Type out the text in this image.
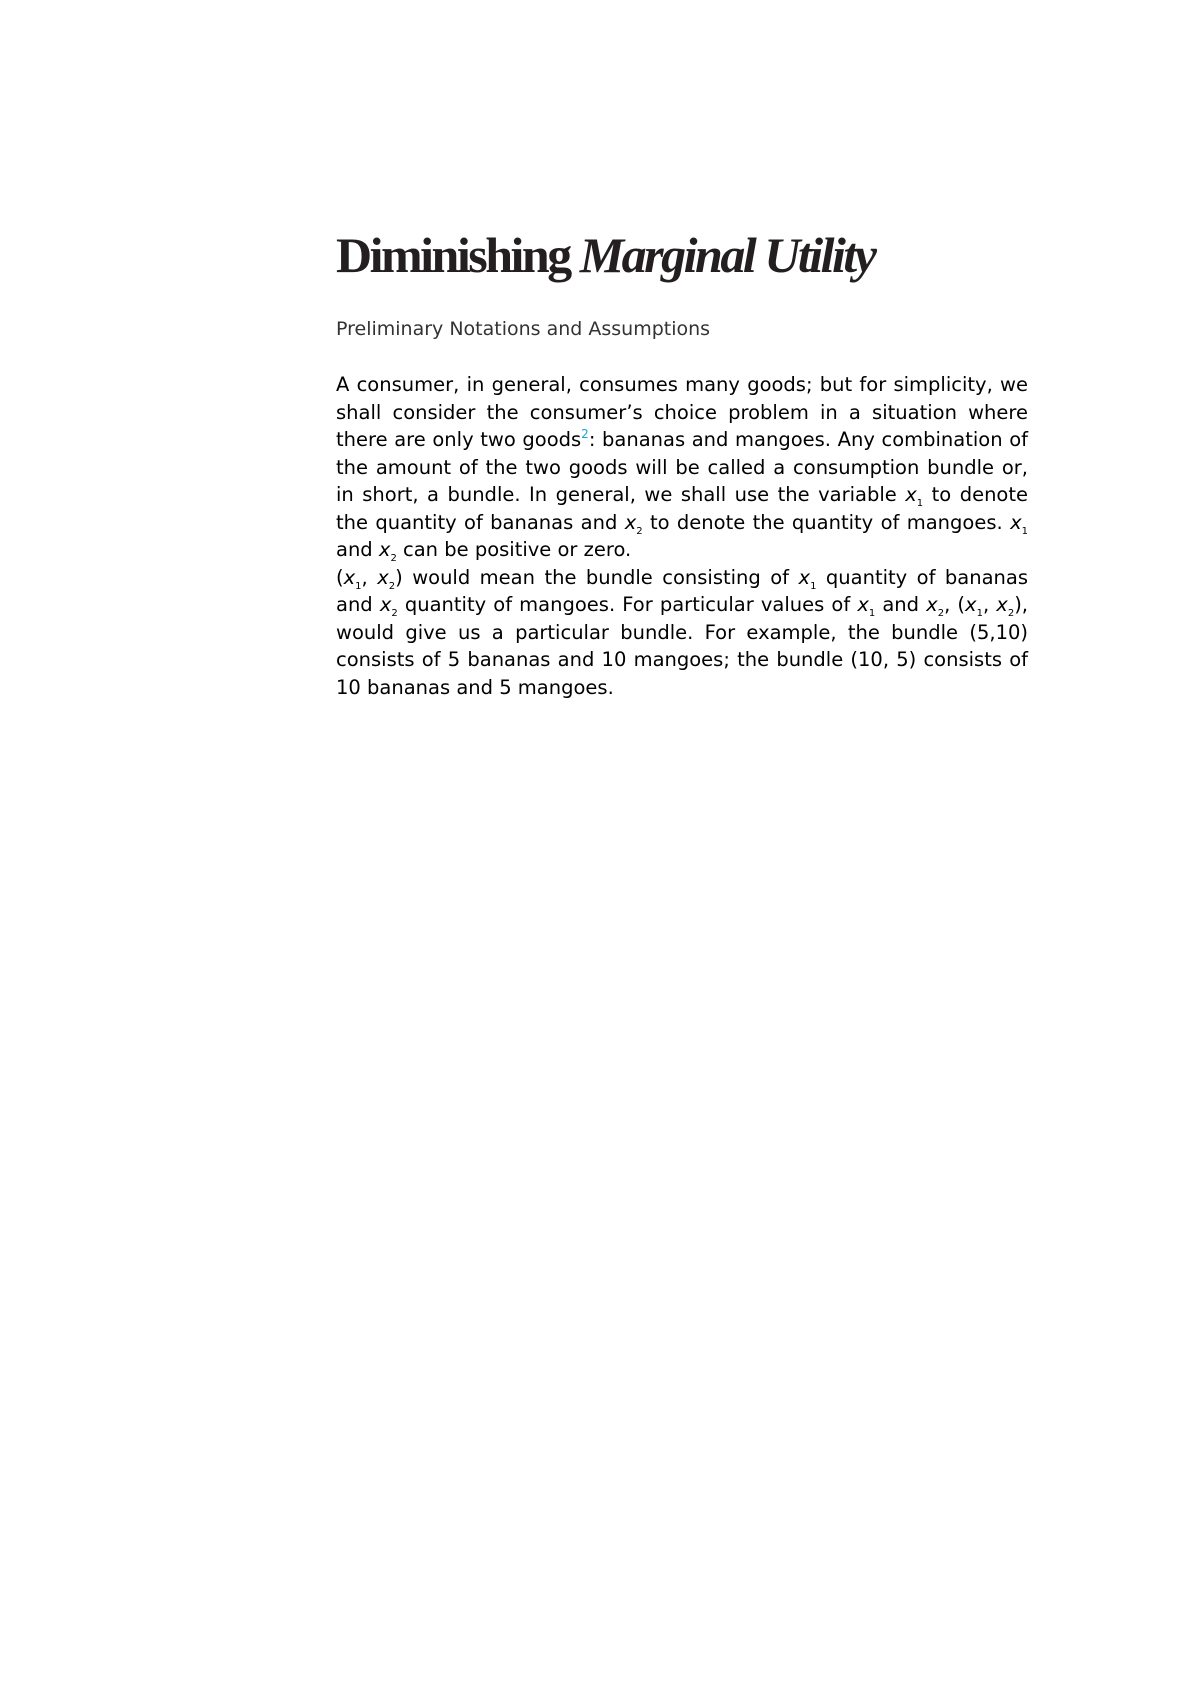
Diminishing Marginal Utility
Preliminary Notations and Assumptions

A consumer, in general, consumes many goods; but for simplicity, we shall consider the consumer’s choice problem in a situation where there are only two goods$^2$: bananas and mangoes. Any combination of the amount of the two goods will be called a consumption bundle or, in short, a bundle. In general, we shall use the variable $x_1$ to denote the quantity of bananas and $x_2$ to denote the quantity of mangoes. $x_1$ and $x_2$ can be positive or zero.

($x_1$, $x_2$) would mean the bundle consisting of $x_1$ quantity of bananas and $x_2$ quantity of mangoes. For particular values of $x_1$ and $x_2$, ($x_1$, $x_2$), would give us a particular bundle. For example, the bundle (5,10) consists of 5 bananas and 10 mangoes; the bundle (10, 5) consists of 10 bananas and 5 mangoes.
